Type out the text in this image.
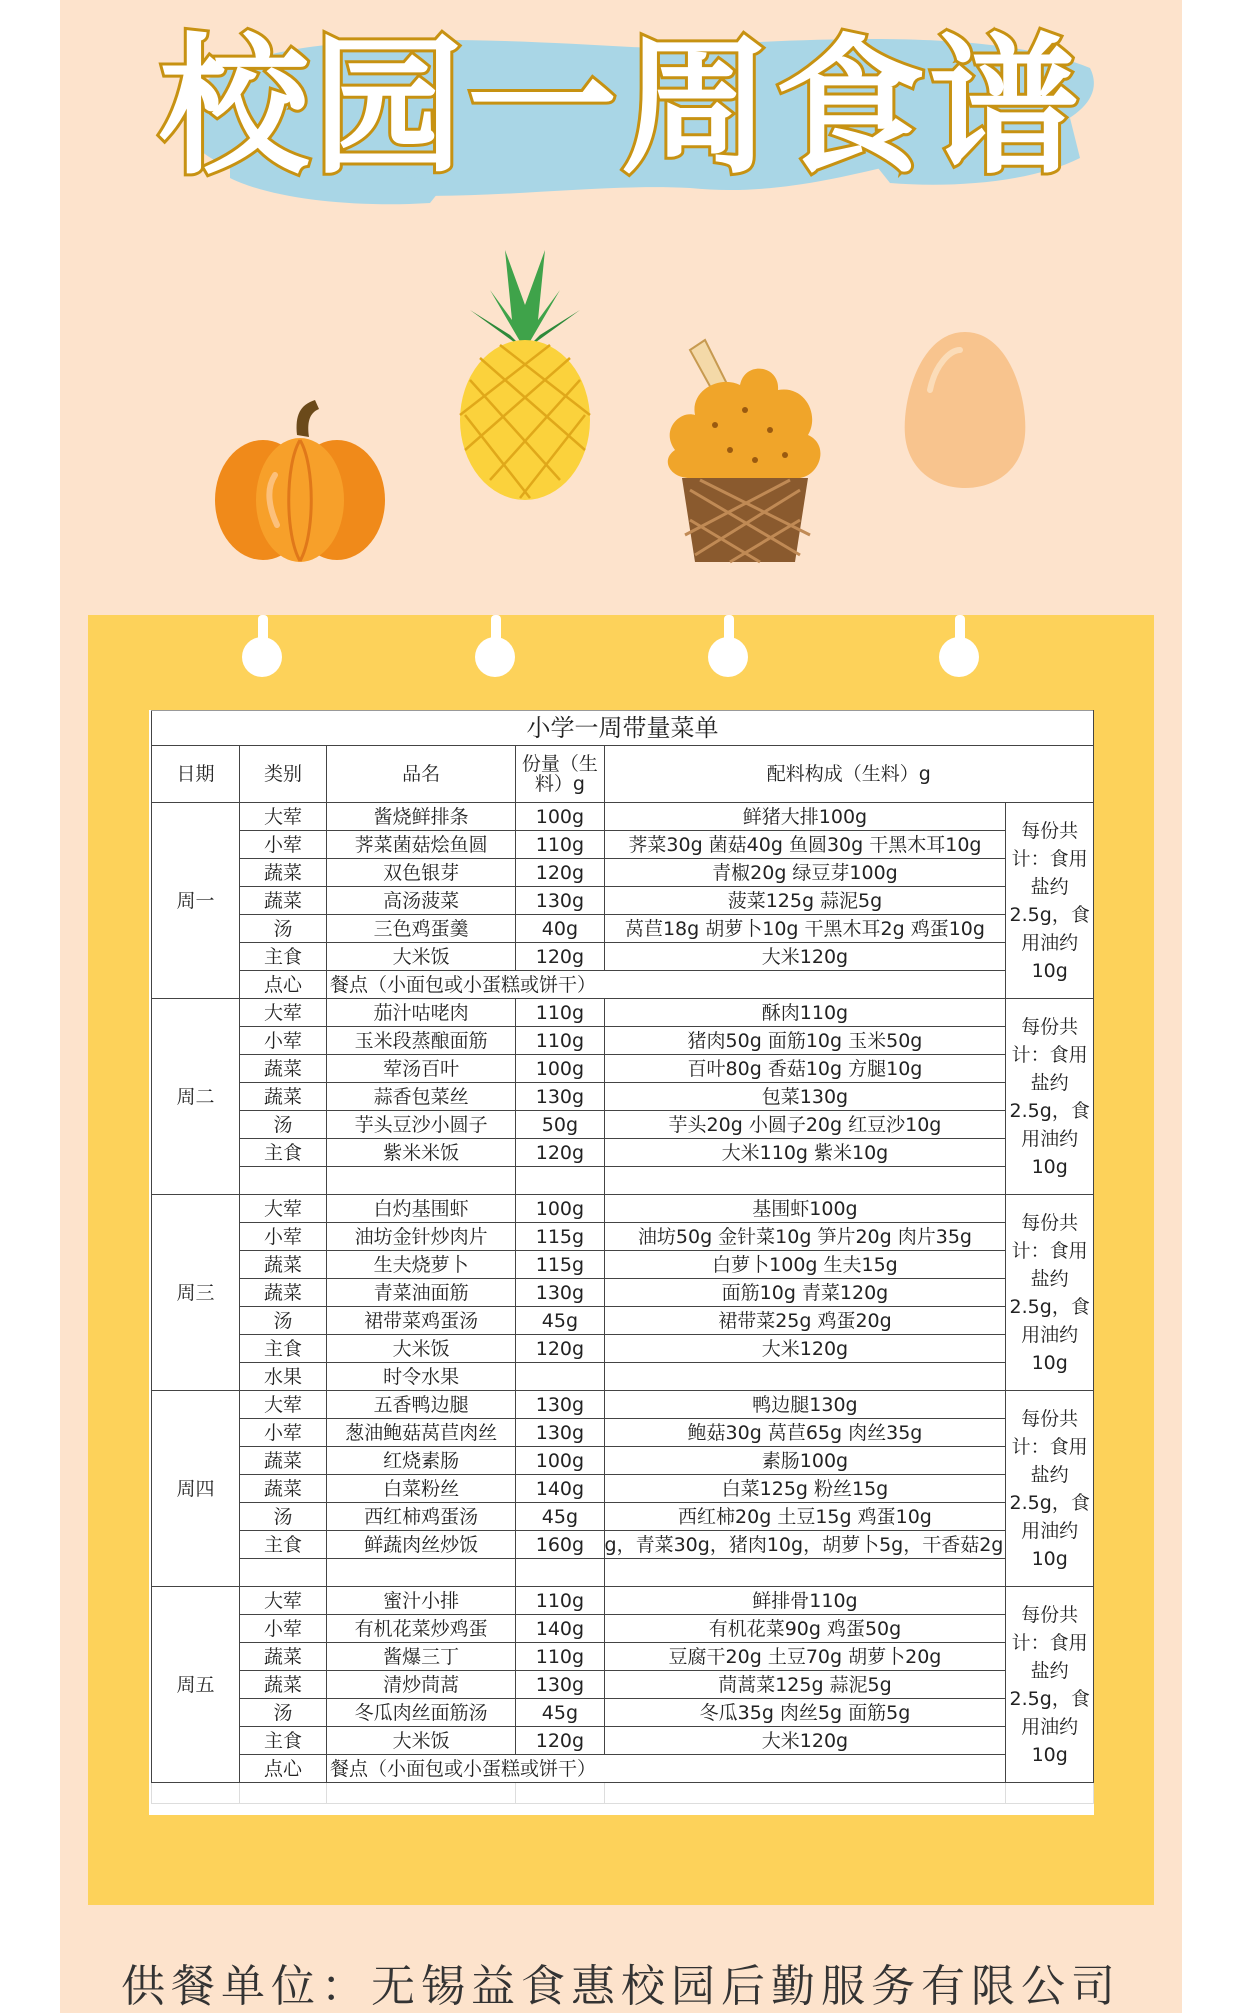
校园一周食谱
小学一周带量菜单					
日期	类别	品名	份量（生料）g	配料构成（生料）g	
周一	大荤	酱烧鲜排条	100g	鲜猪大排100g	每份共计：食用盐约2.5g，食用油约10g
	小荤	荠菜菌菇烩鱼圆	110g	荠菜30g 菌菇40g 鱼圆30g 干黑木耳10g	
	蔬菜	双色银芽	120g	青椒20g 绿豆芽100g	
	蔬菜	高汤菠菜	130g	菠菜125g 蒜泥5g	
	汤	三色鸡蛋羹	40g	莴苣18g 胡萝卜10g 干黑木耳2g 鸡蛋10g	
	主食	大米饭	120g	大米120g	
	点心	餐点（小面包或小蛋糕或饼干）			
周二	大荤	茄汁咕咾肉	110g	酥肉110g	每份共计：食用盐约2.5g，食用油约10g
	小荤	玉米段蒸酿面筋	110g	猪肉50g 面筋10g 玉米50g	
	蔬菜	荤汤百叶	100g	百叶80g 香菇10g 方腿10g	
	蔬菜	蒜香包菜丝	130g	包菜130g	
	汤	芋头豆沙小圆子	50g	芋头20g 小圆子20g 红豆沙10g	
	主食	紫米米饭	120g	大米110g 紫米10g	

周三	大荤	白灼基围虾	100g	基围虾100g	每份共计：食用盐约2.5g，食用油约10g
	小荤	油坊金针炒肉片	115g	油坊50g 金针菜10g 笋片20g 肉片35g	
	蔬菜	生夫烧萝卜	115g	白萝卜100g 生夫15g	
	蔬菜	青菜油面筋	130g	面筋10g 青菜120g	
	汤	裙带菜鸡蛋汤	45g	裙带菜25g 鸡蛋20g	
	主食	大米饭	120g	大米120g	
	水果	时令水果			
周四	大荤	五香鸭边腿	130g	鸭边腿130g	每份共计：食用盐约2.5g，食用油约10g
	小荤	葱油鲍菇莴苣肉丝	130g	鲍菇30g 莴苣65g 肉丝35g	
	蔬菜	红烧素肠	100g	素肠100g	
	蔬菜	白菜粉丝	140g	白菜125g 粉丝15g	
	汤	西红柿鸡蛋汤	45g	西红柿20g 土豆15g 鸡蛋10g	
	主食	鲜蔬肉丝炒饭	160g	g，青菜30g，猪肉10g，胡萝卜5g，干香菇2g	

周五	大荤	蜜汁小排	110g	鲜排骨110g	每份共计：食用盐约2.5g，食用油约10g
	小荤	有机花菜炒鸡蛋	140g	有机花菜90g 鸡蛋50g	
	蔬菜	酱爆三丁	110g	豆腐干20g 土豆70g 胡萝卜20g	
	蔬菜	清炒茼蒿	130g	茼蒿菜125g 蒜泥5g	
	汤	冬瓜肉丝面筋汤	45g	冬瓜35g 肉丝5g 面筋5g	
	主食	大米饭	120g	大米120g	
	点心	餐点（小面包或小蛋糕或饼干）			

供餐单位：无锡益食惠校园后勤服务有限公司
